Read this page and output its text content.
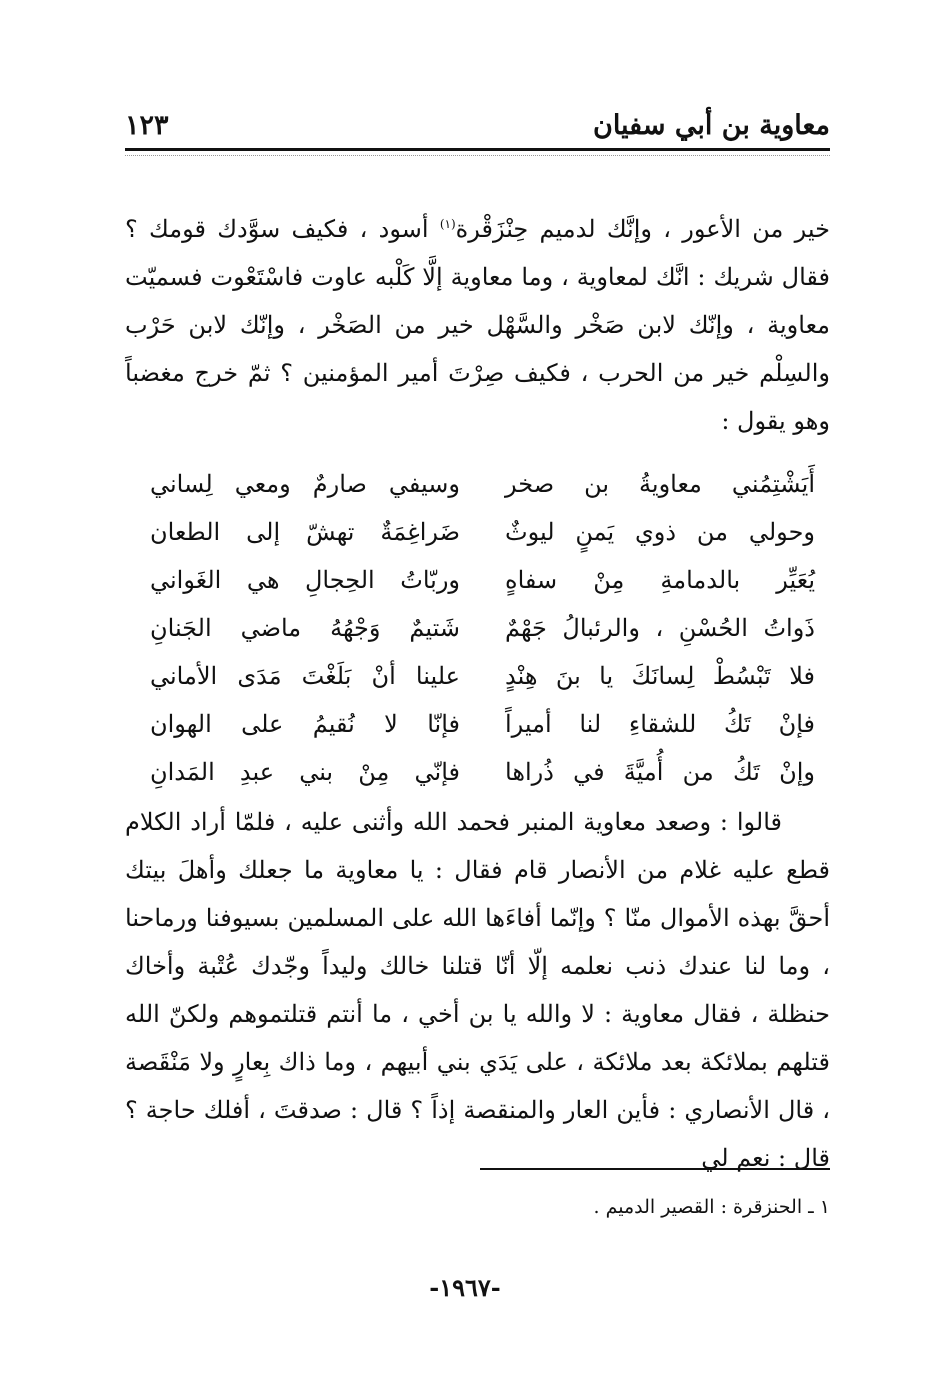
معاوية بن أبي سفيان
١٢٣

خير من الأعور ، وإنَّك لدميم حِنْزَقْرة$^{(١)}$ أسود ، فكيف سوَّدك قومك ؟ فقال شريك : انَّك لمعاوية ، وما معاوية إلَّا كَلْبه عاوت فاسْتَعْوت فسميّت معاوية ، وإنّك لابن صَخْر والسَّهْل خير من الصَخْر ، وإنّك لابن حَرْب والسِلْم خير من الحرب ، فكيف صِرْتَ أمير المؤمنين ؟ ثمّ خرج مغضباً وهو يقول :

أَيَشْتِمُني معاويةُ بن صخر
وسيفي صارمٌ ومعي لِساني
وحولي من ذوي يَمنٍ ليوثٌ
ضَراغِمَةٌ تهشّ إلى الطعان
يُعَيِّر بالدمامةِ مِنْ سفاهٍ
وربّاتُ الحِجالِ هي الغَواني
ذَواتُ الحُسْنِ ، والرئبالُ جَهْمٌ
شَتيمٌ وَجْهُهُ ماضي الجَنانِ
فلا تَبْسُطْ لِسانَكَ يا بنَ هِنْدٍ
علينا أنْ بَلَغْتَ مَدَى الأماني
فإنْ تَكُ للشقاءِ لنا أميراً
فإنّا لا نُقيمُ على الهوان
وإنْ تَكُ من أُميَّةَ في ذُراها
فإنّي مِنْ بني عبدِ المَدانِ

قالوا : وصعد معاوية المنبر فحمد الله وأثنى عليه ، فلمّا أراد الكلام قطع عليه غلام من الأنصار قام فقال : يا معاوية ما جعلك وأهلَ بيتك أحقَّ بهذه الأموال منّا ؟ وإنّما أفاءَها الله على المسلمين بسيوفنا ورماحنا ، وما لنا عندك ذنب نعلمه إلّا أنّا قتلنا خالك وليداً وجّدك عُتْبة وأخاك حنظلة ، فقال معاوية : لا والله يا بن أخي ، ما أنتم قتلتموهم ولكنّ الله قتلهم بملائكة بعد ملائكة ، على يَدَي بني أبيهم ، وما ذاك بِعارٍ ولا مَنْقَصة ، قال الأنصاري : فأين العار والمنقصة إذاً ؟ قال : صدقتَ ، أفلك حاجة ؟ قال : نعم لي

١ ـ الحنزقرة : القصير الدميم .
-١٩٦٧-
